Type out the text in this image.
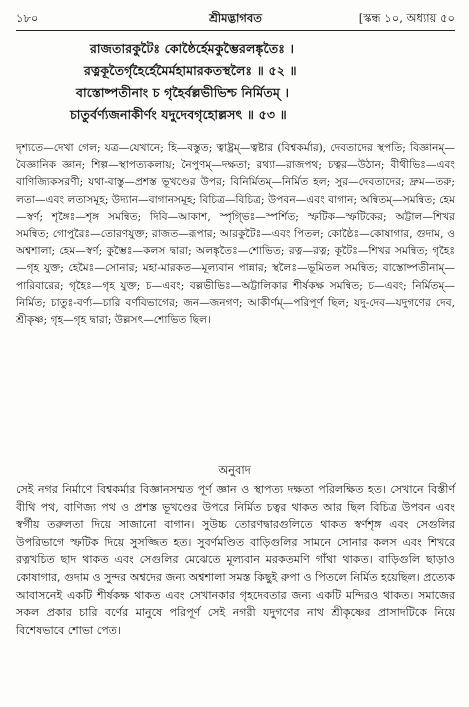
১৮০	শ্রীমদ্ভাগবত	[স্কন্ধ ১০, অধ্যায় ৫০
রাজতারকুটৈঃ কোষ্ঠৈর্হেমকুম্ভৈরলঙ্কৃতৈঃ ।
রত্নকূতৈর্গৃহৈর্হেমৈর্মহামারকতস্থলৈঃ ॥ ৫২ ॥
বাস্তোষ্পতীনাং চ গৃহৈর্বল্লভীভিশ্চ নির্মিতম্ ।
চাতুর্বর্ণ্যজনাকীর্ণং যদুদেবগৃহোল্লসৎ ॥ ৫৩ ॥

দৃশ্যতে—দেখা গেল; যত্র—যেখানে; হি—বস্তুত; ত্বাষ্ট্রম্—ত্বষ্টার (বিশ্বকর্মার), দেবতাদের স্থপতি; বিজ্ঞানম্—বৈজ্ঞানিক জ্ঞান; শিল্প—স্থাপত্যকলায়; নৈপুণম্—দক্ষতা; রথ্যা—রাজপথ; চত্বর—উঠান; বীথীভিঃ—এবং বাণিজ্যিকসরণী; যথা-বাস্তু—প্রশস্ত ভূখণ্ডের উপর; বিনির্মিতম্—নির্মিত হল; সুর—দেবতাদের; দ্রুম—তরু; লতা—এবং লতাসমূহ; উদ্যান—বাগানসমূহ; বিচিত্র—বিচিত্র; উপবন—এবং বাগান; অন্বিতম্—সমন্বিত; হেম—স্বর্ণ; শৃঙ্গৈঃ—শৃঙ্গ সমন্বিত; দিবি—আকাশ, স্পৃগ্ভিঃ—স্পর্শিত; স্ফটিক—স্ফটিকের; অট্টাল—শিখর সমন্বিত; গোপুরৈঃ—তোরণযুক্ত; রাজত—রূপার; আরকুটৈঃ—এবং পিতল; কোষ্ঠৈঃ—কোষাগার, গুদাম, ও অশ্বশালা; হেম—স্বর্ণ; কুম্ভৈঃ—কলস দ্বারা; অলঙ্কৃতৈঃ—শোভিত; রত্ন—রত্ন; কূটৈঃ—শিখর সমন্বিত; গৃহৈঃ—গৃহ যুক্ত; হেমৈঃ—সোনার; মহা-মারকত—মূল্যবান পান্নার; স্থলৈঃ—ভূমিতল সমন্বিত; বাস্তোষ্পতীনাম্—পারিবারের; গৃহৈঃ—গৃহ যুক্ত; চ—এবং; বল্লভীভিঃ—অট্টালিকার শীর্ষকক্ষ সমন্বিত; চ—এবং; নির্মিতম্—নির্মিত; চাতুঃ-বর্ণ্য—চারি বর্ণবিভাগের; জন—জনগণ; আকীর্ণম্—পরিপূর্ণ ছিল; যদু-দেব—যদুগণের দেব, শ্রীকৃষ্ণ; গৃহ—গৃহ দ্বারা; উল্লসৎ—শোভিত ছিল।

অনুবাদ

সেই নগর নির্মাণে বিশ্বকর্মার বিজ্ঞানসম্মত পূর্ণ জ্ঞান ও স্থাপত্য দক্ষতা পরিলক্ষিত হত। সেখানে বিস্তীর্ণ বীথি পথ, বাণিজ্য পথ ও প্রশস্ত ভূখণ্ডের উপরে নির্মিত চত্বর থাকত আর ছিল বিচিত্র উপবন এবং স্বর্গীয় তরুলতা দিয়ে সাজানো বাগান। সুউচ্চ তোরণদ্বারগুলিতে থাকত স্বর্ণশৃঙ্গ এবং সেগুলির উপরিভাগে স্ফটিক দিয়ে সুসজ্জিত হত। সুবর্ণমণ্ডিত বাড়িগুলির সামনে সোনার কলস এবং শিখরে রত্নখচিত ছাদ থাকত এবং সেগুলির মেঝেতে মূল্যবান মরকতমণি গাঁথা থাকত। বাড়িগুলি ছাড়াও কোষাগার, গুদাম ও সুন্দর অশ্বদের জন্য অশ্বশালা সমস্ত কিছুই রুপা ও পিতলে নির্মিত হয়েছিল। প্রত্যেক আবাসনেই একটি শীর্ষকক্ষ থাকত এবং সেখানকার গৃহদেবতার জন্য একটি মন্দিরও থাকত। সমাজের সকল প্রকার চারি বর্ণের মানুষে পরিপূর্ণ সেই নগরী যদুগণের নাথ শ্রীকৃষ্ণের প্রাসাদটিকে নিয়ে বিশেষভাবে শোভা পেত।
